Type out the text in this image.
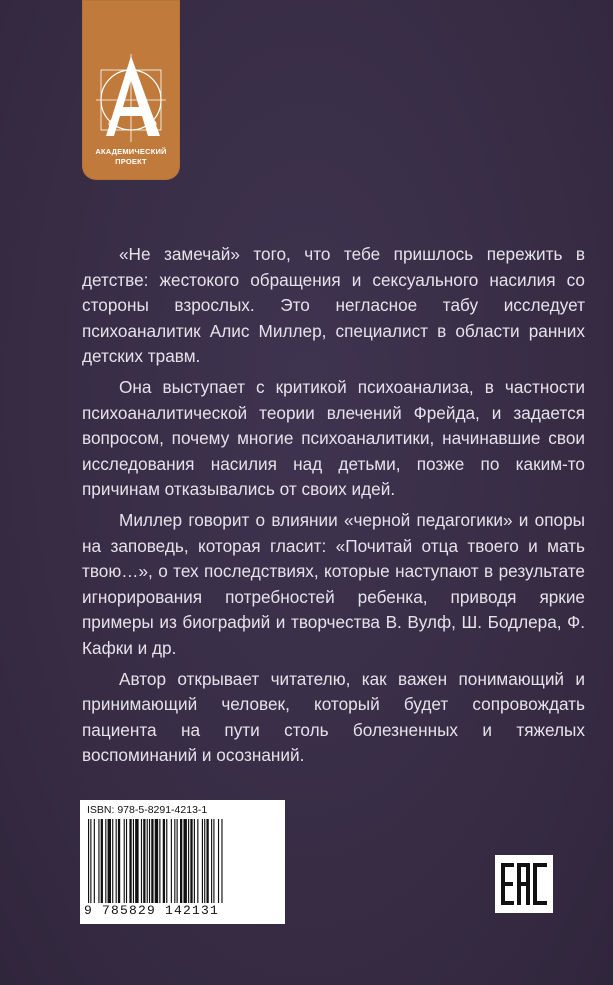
АКАДЕМИЧЕСКИЙ
ПРОЕКТ

«Не замечай» того, что тебе пришлось пережить в детстве: жестокого обращения и сексуального насилия со стороны взрослых. Это негласное табу исследует психоаналитик Алис Миллер, специалист в области ранних детских травм.

Она выступает с критикой психоанализа, в частности психоаналитической теории влечений Фрейда, и задается вопросом, почему многие психоаналитики, начинавшие свои исследования насилия над детьми, позже по каким-то причинам отказывались от своих идей.

Миллер говорит о влиянии «черной педагогики» и опоры на заповедь, которая гласит: «Почитай отца твоего и мать твою…», о тех последствиях, которые наступают в результате игнорирования потребностей ребенка, приводя яркие примеры из биографий и творчества В. Вулф, Ш. Бодлера, Ф. Кафки и др.

Автор открывает читателю, как важен понимающий и принимающий человек, который будет сопровождать пациента на пути столь болезненных и тяжелых воспоминаний и осознаний.

ISBN: 978-5-8291-4213-1
9 785829 142131
